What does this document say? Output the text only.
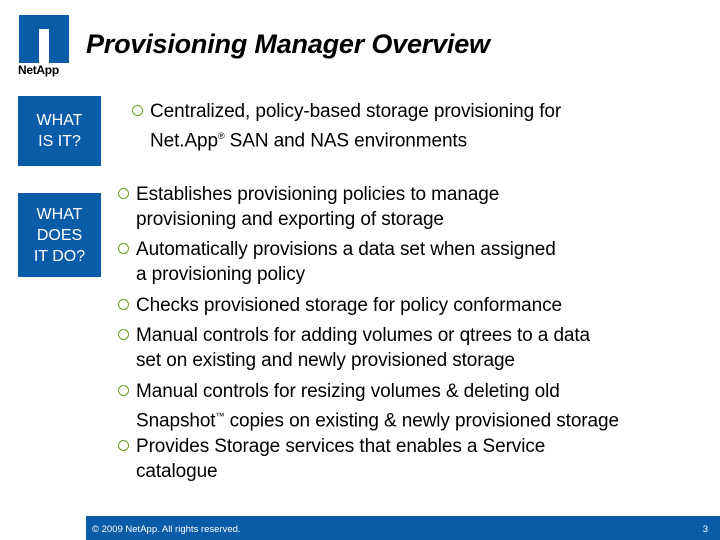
NetApp
Provisioning Manager Overview
WHAT IS IT?
WHAT DOES IT DO?
Centralized, policy-based storage provisioning for
Net.App® SAN and NAS environments
Establishes provisioning policies to manage
provisioning and exporting of storage
Automatically provisions a data set when assigned
a provisioning policy
Checks provisioned storage for policy conformance
Manual controls for adding volumes or qtrees to a data
set on existing and newly provisioned storage
Manual controls for resizing volumes & deleting old
Snapshot™ copies on existing & newly provisioned storage
Provides Storage services that enables a Service
catalogue
© 2009 NetApp. All rights reserved.	3
